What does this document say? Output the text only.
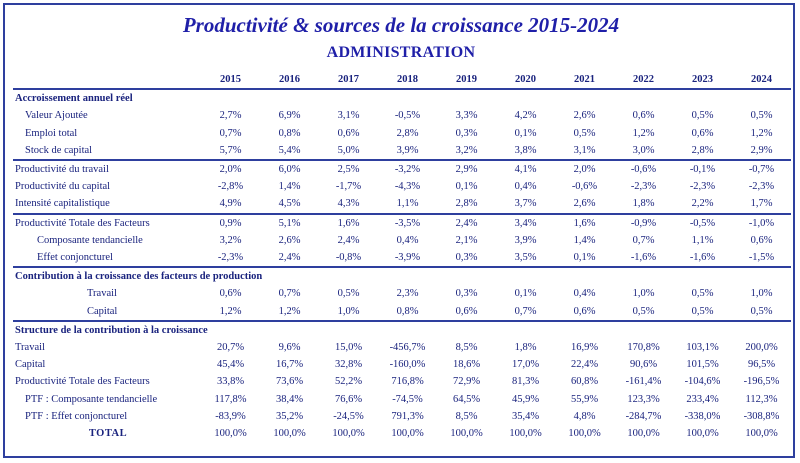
Productivité & sources de la croissance 2015-2024
ADMINISTRATION
	2015	2016	2017	2018	2019	2020	2021	2022	2023	2024
Accroissement annuel réel										
Valeur Ajoutée	2,7%	6,9%	3,1%	-0,5%	3,3%	4,2%	2,6%	0,6%	0,5%	0,5%
Emploi total	0,7%	0,8%	0,6%	2,8%	0,3%	0,1%	0,5%	1,2%	0,6%	1,2%
Stock de capital	5,7%	5,4%	5,0%	3,9%	3,2%	3,8%	3,1%	3,0%	2,8%	2,9%
Productivité du travail	2,0%	6,0%	2,5%	-3,2%	2,9%	4,1%	2,0%	-0,6%	-0,1%	-0,7%
Productivité du capital	-2,8%	1,4%	-1,7%	-4,3%	0,1%	0,4%	-0,6%	-2,3%	-2,3%	-2,3%
Intensité capitalistique	4,9%	4,5%	4,3%	1,1%	2,8%	3,7%	2,6%	1,8%	2,2%	1,7%
Productivité Totale des Facteurs	0,9%	5,1%	1,6%	-3,5%	2,4%	3,4%	1,6%	-0,9%	-0,5%	-1,0%
Composante tendancielle	3,2%	2,6%	2,4%	0,4%	2,1%	3,9%	1,4%	0,7%	1,1%	0,6%
Effet conjoncturel	-2,3%	2,4%	-0,8%	-3,9%	0,3%	3,5%	0,1%	-1,6%	-1,6%	-1,5%
Contribution à la croissance des facteurs de production										
Travail	0,6%	0,7%	0,5%	2,3%	0,3%	0,1%	0,4%	1,0%	0,5%	1,0%
Capital	1,2%	1,2%	1,0%	0,8%	0,6%	0,7%	0,6%	0,5%	0,5%	0,5%
Structure de la contribution à la croissance										
Travail	20,7%	9,6%	15,0%	-456,7%	8,5%	1,8%	16,9%	170,8%	103,1%	200,0%
Capital	45,4%	16,7%	32,8%	-160,0%	18,6%	17,0%	22,4%	90,6%	101,5%	96,5%
Productivité Totale des Facteurs	33,8%	73,6%	52,2%	716,8%	72,9%	81,3%	60,8%	-161,4%	-104,6%	-196,5%
PTF : Composante tendancielle	117,8%	38,4%	76,6%	-74,5%	64,5%	45,9%	55,9%	123,3%	233,4%	112,3%
PTF : Effet conjoncturel	-83,9%	35,2%	-24,5%	791,3%	8,5%	35,4%	4,8%	-284,7%	-338,0%	-308,8%
TOTAL	100,0%	100,0%	100,0%	100,0%	100,0%	100,0%	100,0%	100,0%	100,0%	100,0%
